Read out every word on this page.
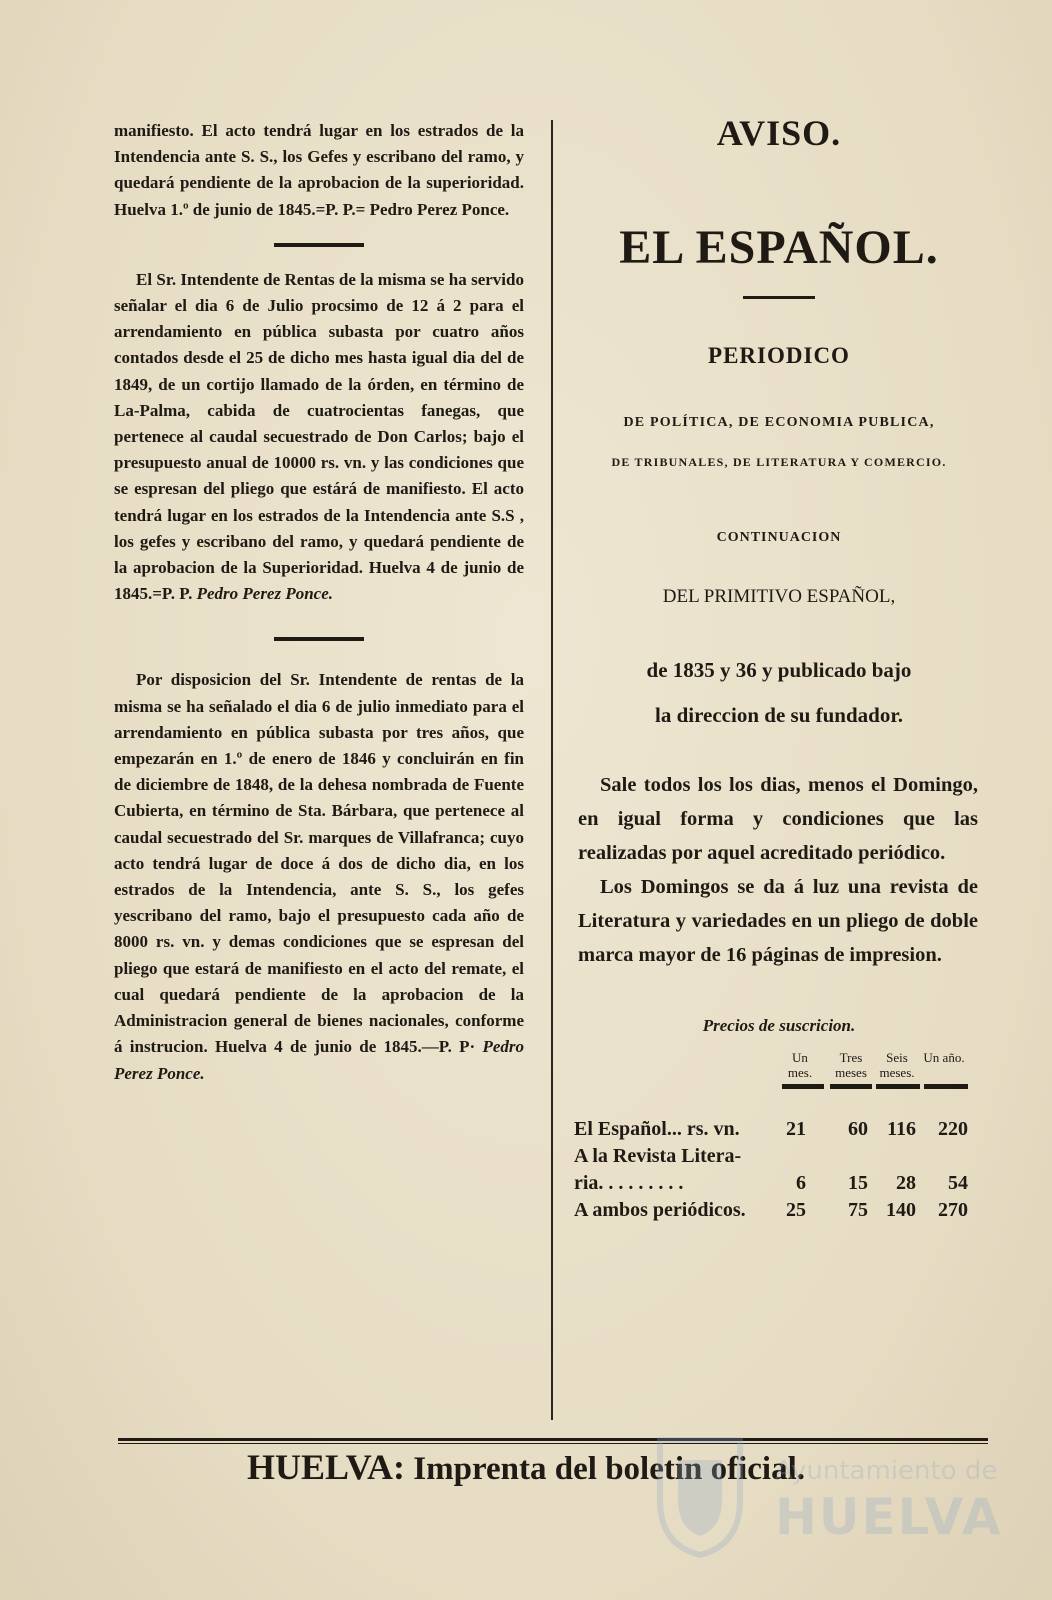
manifiesto. El acto tendrá lugar en los estrados de la Intendencia ante S. S., los Gefes y escribano del ramo, y quedará pendiente de la aprobacion de la superioridad. Huelva 1.º de junio de 1845.=P. P.= Pedro Perez Ponce.

El Sr. Intendente de Rentas de la misma se ha servido señalar el dia 6 de Julio procsimo de 12 á 2 para el arrendamiento en pública subasta por cuatro años contados desde el 25 de dicho mes hasta igual dia del de 1849, de un cortijo llamado de la órden, en término de La-Palma, cabida de cuatrocientas fanegas, que pertenece al caudal secuestrado de Don Carlos; bajo el presupuesto anual de 10000 rs. vn. y las condiciones que se espresan del pliego que estárá de manifiesto. El acto tendrá lugar en los estrados de la Intendencia ante S.S , los gefes y escribano del ramo, y quedará pendiente de la aprobacion de la Superioridad. Huelva 4 de junio de 1845.=P. P. Pedro Perez Ponce.

Por disposicion del Sr. Intendente de rentas de la misma se ha señalado el dia 6 de julio inmediato para el arrendamiento en pública subasta por tres años, que empezarán en 1.º de enero de 1846 y concluirán en fin de diciembre de 1848, de la dehesa nombrada de Fuente Cubierta, en término de Sta. Bárbara, que pertenece al caudal secuestrado del Sr. marques de Villafranca; cuyo acto tendrá lugar de doce á dos de dicho dia, en los estrados de la Intendencia, ante S. S., los gefes yescribano del ramo, bajo el presupuesto cada año de 8000 rs. vn. y demas condiciones que se espresan del pliego que estará de manifiesto en el acto del remate, el cual quedará pendiente de la aprobacion de la Administracion general de bienes nacionales, conforme á instrucion. Huelva 4 de junio de 1845.—P. P· Pedro Perez Ponce.

AVISO.
EL ESPAÑOL.
PERIODICO
DE POLÍTICA, DE ECONOMIA PUBLICA,
DE TRIBUNALES, DE LITERATURA Y COMERCIO.
CONTINUACION
DEL PRIMITIVO ESPAÑOL,
de 1835 y 36 y publicado bajo
la direccion de su fundador.

Sale todos los los dias, menos el Domingo, en igual forma y condiciones que las realizadas por aquel acreditado periódico.

Los Domingos se da á luz una revista de Literatura y variedades en un pliego de doble marca mayor de 16 páginas de impresion.

Precios de suscricion.
Un mes.
Tres meses
Seis meses.
Un año.
El Español... rs. vn.	21	60 116	220
A la Revista Litera-
ria. . . . . . . . .	6	15	28	54
A ambos periódicos.	25	75 140	270
HUELVA: Imprenta del boletin oficial.
Ayuntamiento de
HUELVA
